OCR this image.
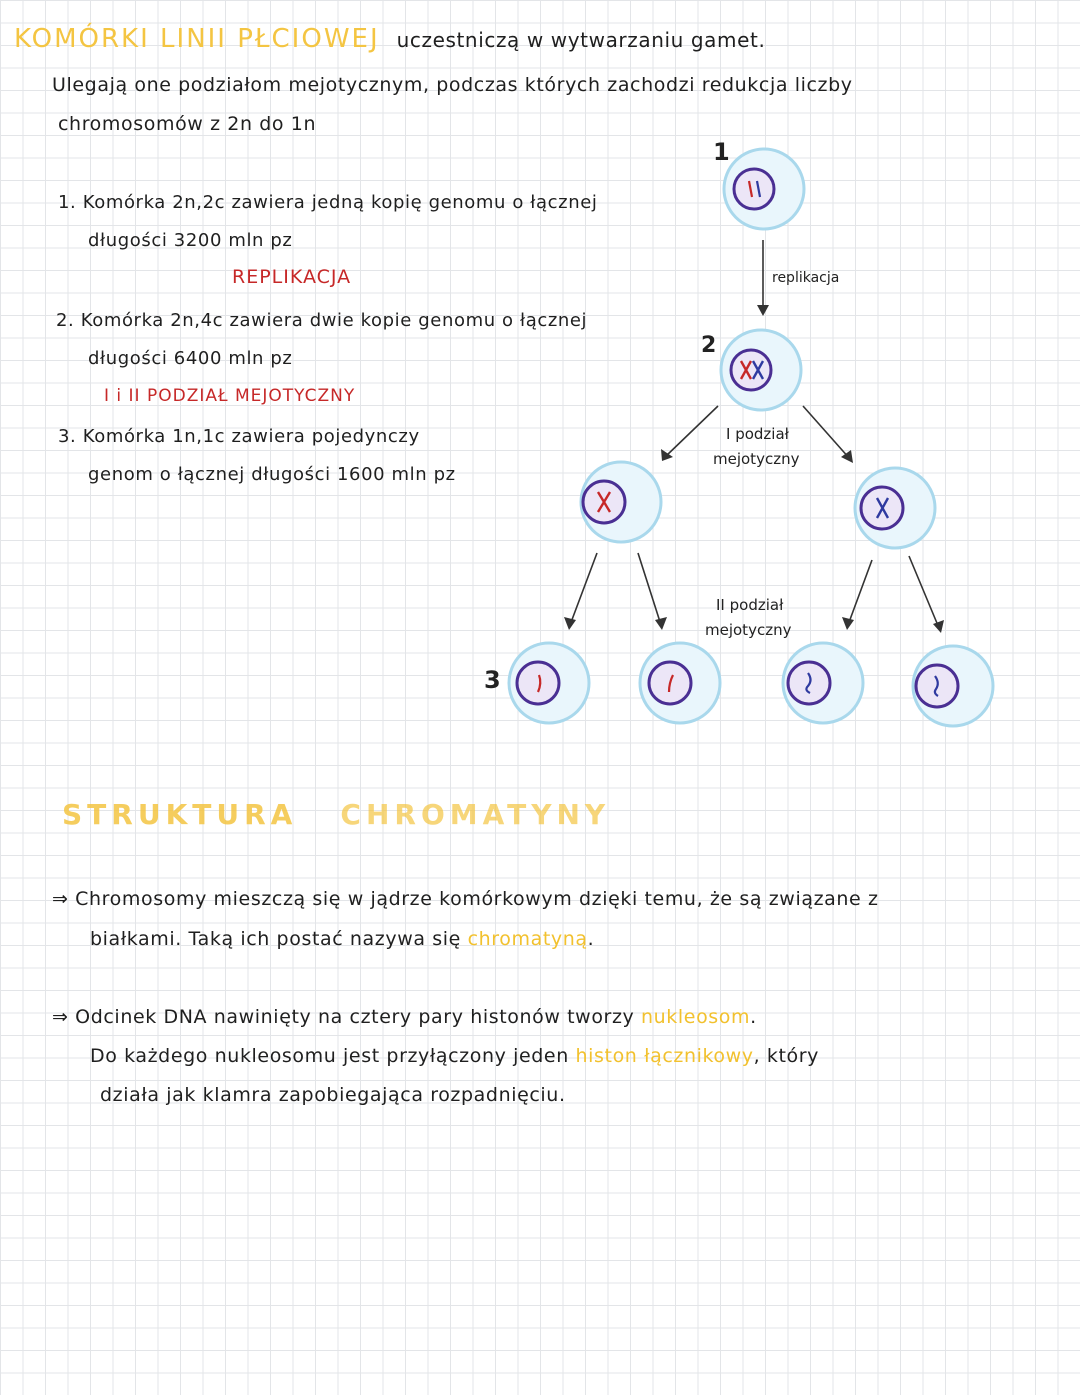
KOMÓRKI LINII PŁCIOWEJ uczestniczą w wytwarzaniu gamet.
Ulegają one podziałom mejotycznym, podczas których zachodzi redukcja liczby
chromosomów z 2n do 1n
1. Komórka 2n,2c zawiera jedną kopię genomu o łącznej
długości 3200 mln pz
REPLIKACJA
2. Komórka 2n,4c zawiera dwie kopie genomu o łącznej
długości 6400 mln pz
I i II PODZIAŁ MEJOTYCZNY
3. Komórka 1n,1c zawiera pojedynczy
genom o łącznej długości 1600 mln pz
1
2
3
replikacja
I podział
mejotyczny
II podział
mejotyczny
STRUKTURA CHROMATYNY
⇒ Chromosomy mieszczą się w jądrze komórkowym dzięki temu, że są związane z
białkami. Taką ich postać nazywa się chromatyną.
⇒ Odcinek DNA nawinięty na cztery pary histonów tworzy nukleosom.
Do każdego nukleosomu jest przyłączony jeden histon łącznikowy, który
działa jak klamra zapobiegająca rozpadnięciu.
